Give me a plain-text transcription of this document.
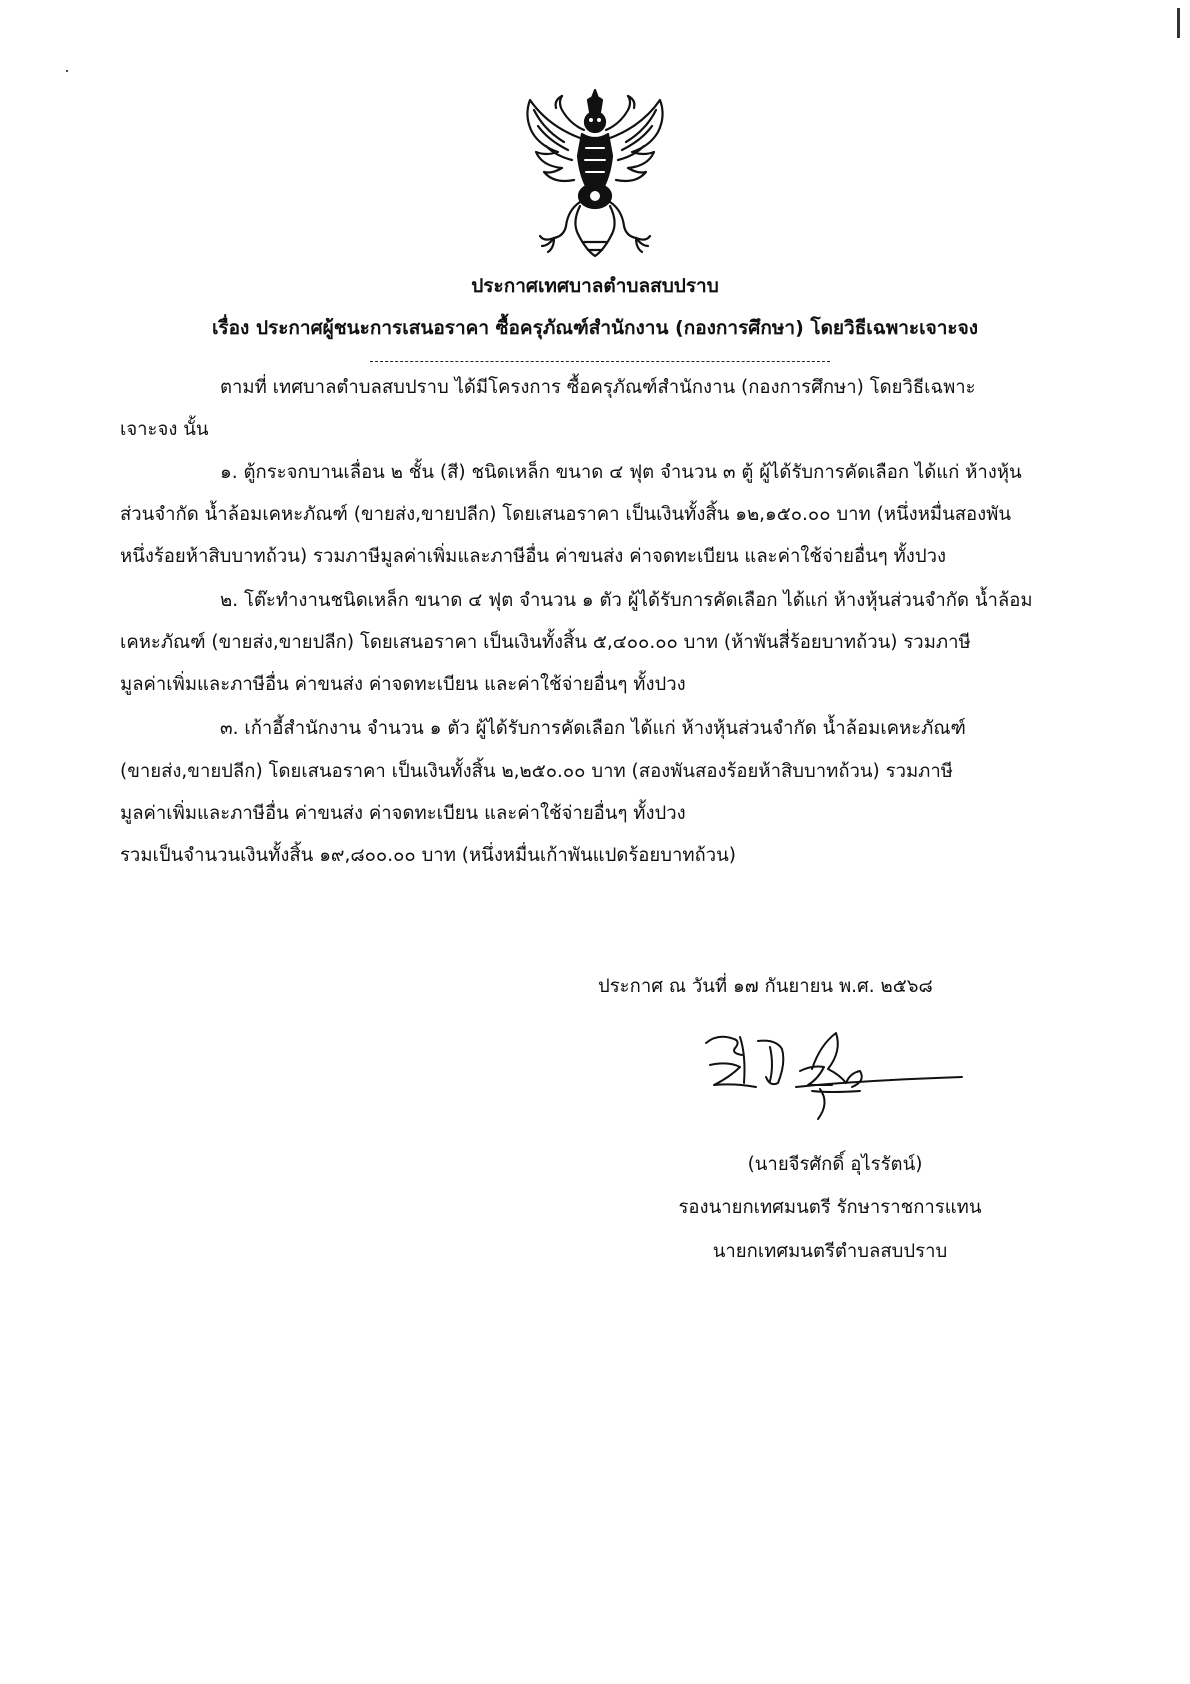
ประกาศเทศบาลตำบลสบปราบ
เรื่อง ประกาศผู้ชนะการเสนอราคา ซื้อครุภัณฑ์สำนักงาน (กองการศึกษา) โดยวิธีเฉพาะเจาะจง
ตามที่ เทศบาลตำบลสบปราบ ได้มีโครงการ ซื้อครุภัณฑ์สำนักงาน (กองการศึกษา) โดยวิธีเฉพาะ
เจาะจง นั้น
๑. ตู้กระจกบานเลื่อน ๒ ชั้น (สี) ชนิดเหล็ก ขนาด ๔ ฟุต จำนวน ๓ ตู้ ผู้ได้รับการคัดเลือก ได้แก่ ห้างหุ้น
ส่วนจำกัด น้ำล้อมเคหะภัณฑ์ (ขายส่ง,ขายปลีก) โดยเสนอราคา เป็นเงินทั้งสิ้น ๑๒,๑๕๐.๐๐ บาท (หนึ่งหมื่นสองพัน
หนึ่งร้อยห้าสิบบาทถ้วน) รวมภาษีมูลค่าเพิ่มและภาษีอื่น ค่าขนส่ง ค่าจดทะเบียน และค่าใช้จ่ายอื่นๆ ทั้งปวง
๒. โต๊ะทำงานชนิดเหล็ก ขนาด ๔ ฟุต จำนวน ๑ ตัว ผู้ได้รับการคัดเลือก ได้แก่ ห้างหุ้นส่วนจำกัด น้ำล้อม
เคหะภัณฑ์ (ขายส่ง,ขายปลีก) โดยเสนอราคา เป็นเงินทั้งสิ้น ๕,๔๐๐.๐๐ บาท (ห้าพันสี่ร้อยบาทถ้วน) รวมภาษี
มูลค่าเพิ่มและภาษีอื่น ค่าขนส่ง ค่าจดทะเบียน และค่าใช้จ่ายอื่นๆ ทั้งปวง
๓. เก้าอี้สำนักงาน จำนวน ๑ ตัว ผู้ได้รับการคัดเลือก ได้แก่ ห้างหุ้นส่วนจำกัด น้ำล้อมเคหะภัณฑ์
(ขายส่ง,ขายปลีก) โดยเสนอราคา เป็นเงินทั้งสิ้น ๒,๒๕๐.๐๐ บาท (สองพันสองร้อยห้าสิบบาทถ้วน) รวมภาษี
มูลค่าเพิ่มและภาษีอื่น ค่าขนส่ง ค่าจดทะเบียน และค่าใช้จ่ายอื่นๆ ทั้งปวง
รวมเป็นจำนวนเงินทั้งสิ้น ๑๙,๘๐๐.๐๐ บาท (หนึ่งหมื่นเก้าพันแปดร้อยบาทถ้วน)
ประกาศ ณ วันที่ ๑๗ กันยายน พ.ศ. ๒๕๖๘
(นายจีรศักดิ์ อุไรรัตน์)
รองนายกเทศมนตรี รักษาราชการแทน
นายกเทศมนตรีตำบลสบปราบ
